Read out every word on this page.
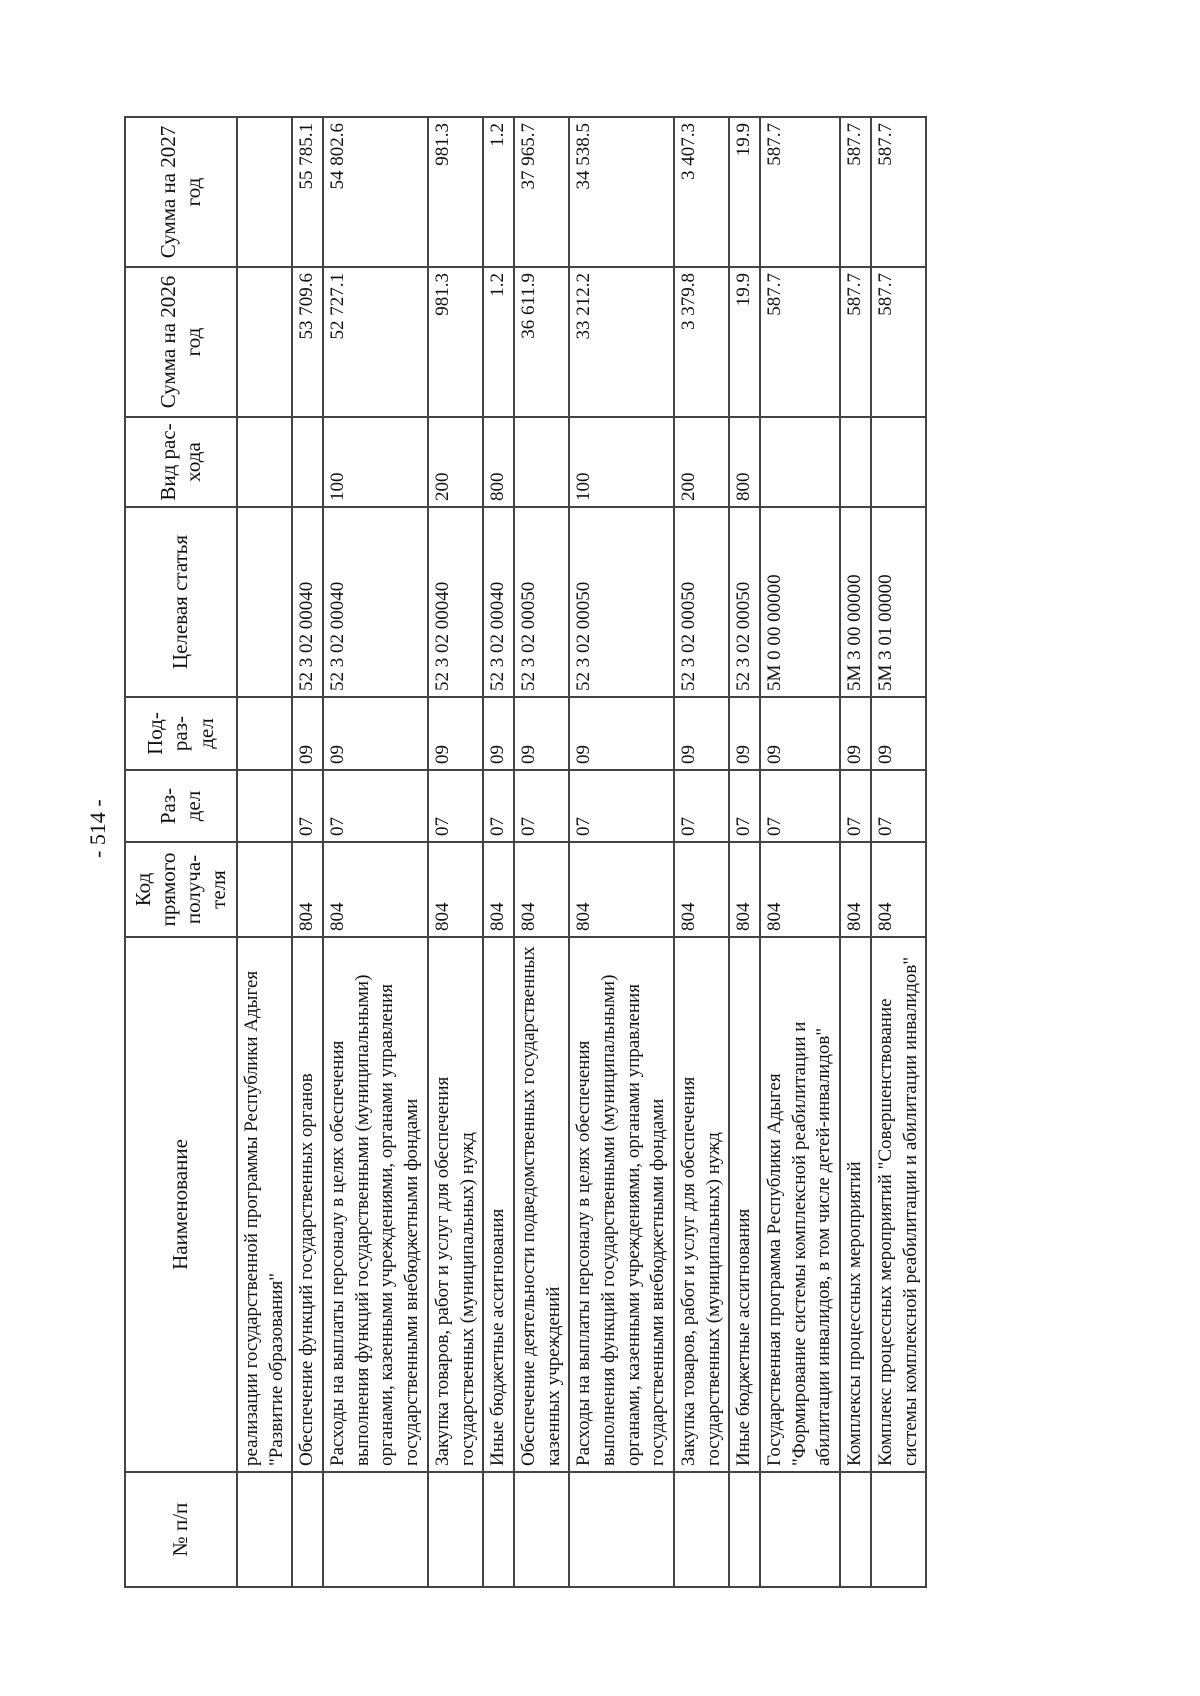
- 514 -
№ п/п	Наименование	Код прямого получа-теля	Раз-дел	Под-раз-дел	Целевая статья	Вид рас-хода	Сумма на 2026 год	Сумма на 2027 год
	реализации государственной программы Республики Адыгея "Развитие образования"							
	Обеспечение функций государственных органов	804	07	09	52 3 02 00040		53 709.6	55 785.1
	Расходы на выплаты персоналу в целях обеспечения выполнения функций государственными (муниципальными) органами, казенными учреждениями, органами управления государственными внебюджетными фондами	804	07	09	52 3 02 00040	100	52 727.1	54 802.6
	Закупка товаров, работ и услуг для обеспечения государственных (муниципальных) нужд	804	07	09	52 3 02 00040	200	981.3	981.3
	Иные бюджетные ассигнования	804	07	09	52 3 02 00040	800	1.2	1.2
	Обеспечение деятельности подведомственных государственных казенных учреждений	804	07	09	52 3 02 00050		36 611.9	37 965.7
	Расходы на выплаты персоналу в целях обеспечения выполнения функций государственными (муниципальными) органами, казенными учреждениями, органами управления государственными внебюджетными фондами	804	07	09	52 3 02 00050	100	33 212.2	34 538.5
	Закупка товаров, работ и услуг для обеспечения государственных (муниципальных) нужд	804	07	09	52 3 02 00050	200	3 379.8	3 407.3
	Иные бюджетные ассигнования	804	07	09	52 3 02 00050	800	19.9	19.9
	Государственная программа Республики Адыгея "Формирование системы комплексной реабилитации и абилитации инвалидов, в том числе детей-инвалидов"	804	07	09	5М 0 00 00000		587.7	587.7
	Комплексы процессных мероприятий	804	07	09	5М 3 00 00000		587.7	587.7
	Комплекс процессных мероприятий "Совершенствование системы комплексной реабилитации и абилитации инвалидов"	804	07	09	5М 3 01 00000		587.7	587.7
